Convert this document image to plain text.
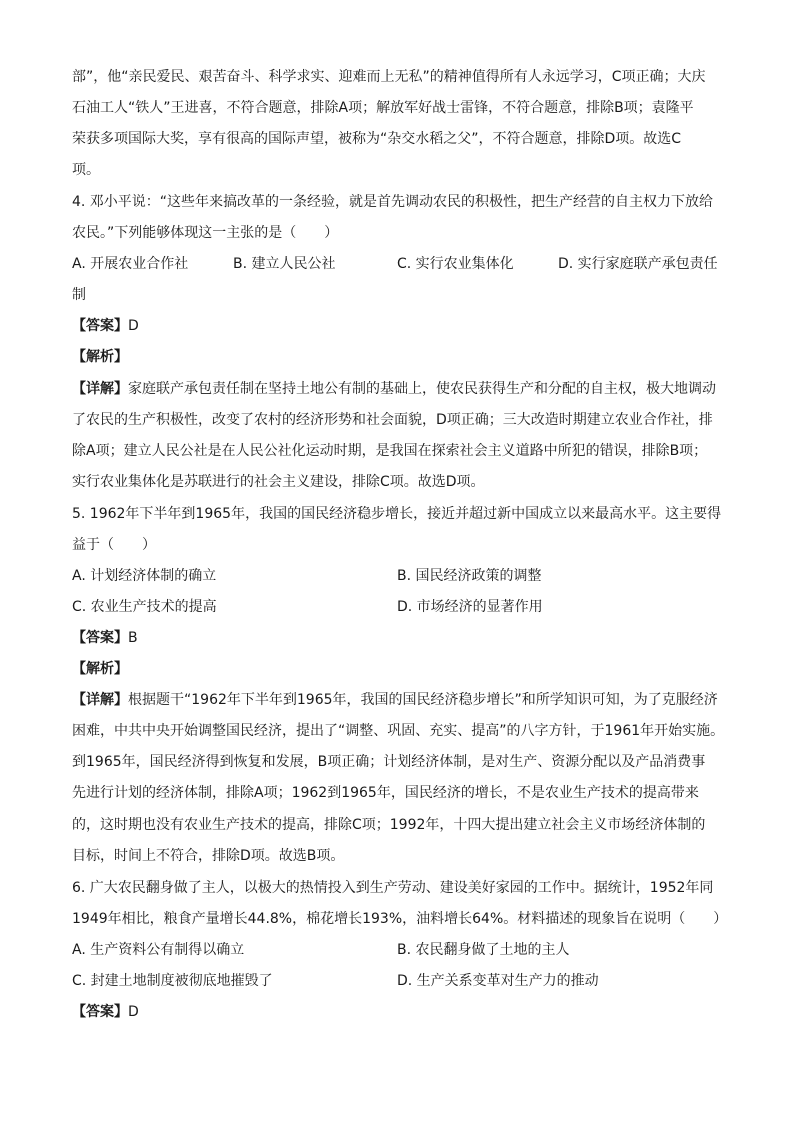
部”，他“亲民爱民、艰苦奋斗、科学求实、迎难而上无私”的精神值得所有人永远学习，C项正确；大庆
石油工人“铁人”王进喜，不符合题意，排除A项；解放军好战士雷锋，不符合题意，排除B项；袁隆平
荣获多项国际大奖，享有很高的国际声望，被称为“杂交水稻之父”，不符合题意，排除D项。故选C
项。
4. 邓小平说：“这些年来搞改革的一条经验，就是首先调动农民的积极性，把生产经营的自主权力下放给
农民。”下列能够体现这一主张的是（　　）
A. 开展农业合作社	B. 建立人民公社	C. 实行农业集体化	D. 实行家庭联产承包责任
制
【答案】D
【解析】
【详解】家庭联产承包责任制在坚持土地公有制的基础上，使农民获得生产和分配的自主权，极大地调动
了农民的生产积极性，改变了农村的经济形势和社会面貌，D项正确；三大改造时期建立农业合作社，排
除A项；建立人民公社是在人民公社化运动时期，是我国在探索社会主义道路中所犯的错误，排除B项；
实行农业集体化是苏联进行的社会主义建设，排除C项。故选D项。
5. 1962年下半年到1965年，我国的国民经济稳步增长，接近并超过新中国成立以来最高水平。这主要得
益于（　　）
A. 计划经济体制的确立	B. 国民经济政策的调整
C. 农业生产技术的提高	D. 市场经济的显著作用
【答案】B
【解析】
【详解】根据题干“1962年下半年到1965年，我国的国民经济稳步增长”和所学知识可知，为了克服经济
困难，中共中央开始调整国民经济，提出了“调整、巩固、充实、提高”的八字方针，于1961年开始实施。
到1965年，国民经济得到恢复和发展，B项正确；计划经济体制，是对生产、资源分配以及产品消费事
先进行计划的经济体制，排除A项；1962到1965年，国民经济的增长，不是农业生产技术的提高带来
的，这时期也没有农业生产技术的提高，排除C项；1992年，十四大提出建立社会主义市场经济体制的
目标，时间上不符合，排除D项。故选B项。
6. 广大农民翻身做了主人，以极大的热情投入到生产劳动、建设美好家园的工作中。据统计，1952年同
1949年相比，粮食产量增长44.8%，棉花增长193%，油料增长64%。材料描述的现象旨在说明（　　）
A. 生产资料公有制得以确立	B. 农民翻身做了土地的主人
C. 封建土地制度被彻底地摧毁了	D. 生产关系变革对生产力的推动
【答案】D
